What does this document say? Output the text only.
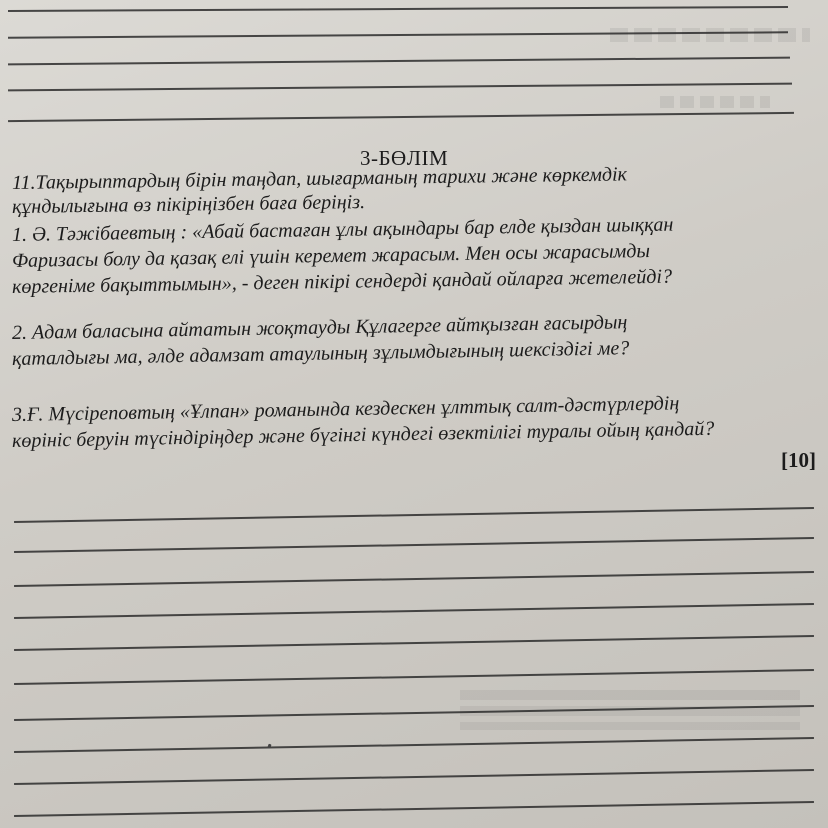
3-БӨЛІМ
11.Тақырыптардың бірін таңдап, шығарманың тарихи және көркемдік
құндылығына өз пікіріңізбен баға беріңіз.
1. Ә. Тәжібаевтың : «Абай бастаған ұлы ақындары бар елде қыздан шыққан
Фаризасы болу да қазақ елі үшін керемет жарасым. Мен осы жарасымды
көргеніме бақыттымын», - деген пікірі сендерді қандай ойларға жетелейді?
2. Адам баласына айтатын жоқтауды Құлагерге айтқызған ғасырдың
қаталдығы ма, әлде адамзат атаулының зұлымдығының шексіздігі ме?
3.Ғ. Мүсіреповтың «Ұлпан» романында кездескен ұлттық салт-дәстүрлердің
көрініс беруін түсіндіріңдер және бүгінгі күндегі өзектілігі туралы ойың қандай?
[10]
